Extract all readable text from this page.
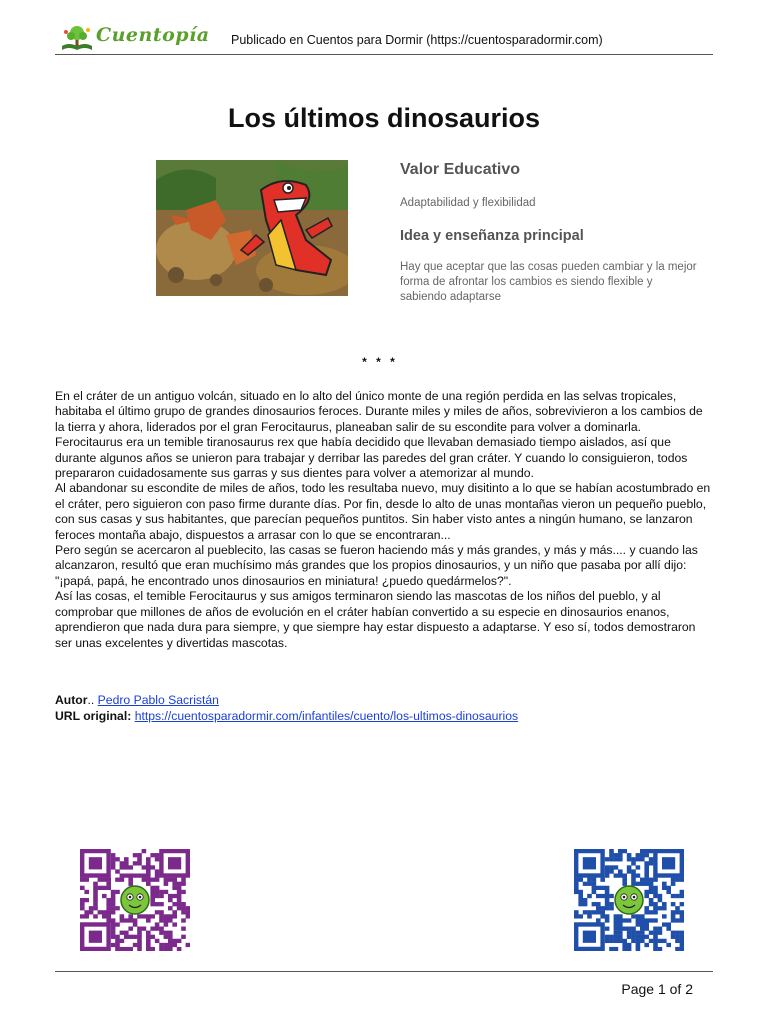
Cuentopía Publicado en Cuentos para Dormir (https://cuentosparadormir.com)
Los últimos dinosaurios
Valor Educativo
Adaptabilidad y flexibilidad
Idea y enseñanza principal
Hay que aceptar que las cosas pueden cambiar y la mejor forma de afrontar los cambios es siendo flexible y sabiendo adaptarse
* * *

En el cráter de un antiguo volcán, situado en lo alto del único monte de una región perdida en las selvas tropicales, habitaba el último grupo de grandes dinosaurios feroces. Durante miles y miles de años, sobrevivieron a los cambios de la tierra y ahora, liderados por el gran Ferocitaurus, planeaban salir de su escondite para volver a dominarla.

Ferocitaurus era un temible tiranosaurus rex que había decidido que llevaban demasiado tiempo aislados, así que durante algunos años se unieron para trabajar y derribar las paredes del gran cráter. Y cuando lo consiguieron, todos prepararon cuidadosamente sus garras y sus dientes para volver a atemorizar al mundo.

Al abandonar su escondite de miles de años, todo les resultaba nuevo, muy disitinto a lo que se habían acostumbrado en el cráter, pero siguieron con paso firme durante días. Por fin, desde lo alto de unas montañas vieron un pequeño pueblo, con sus casas y sus habitantes, que parecían pequeños puntitos. Sin haber visto antes a ningún humano, se lanzaron feroces montaña abajo, dispuestos a arrasar con lo que se encontraran...

Pero según se acercaron al pueblecito, las casas se fueron haciendo más y más grandes, y más y más.... y cuando las alcanzaron, resultó que eran muchísimo más grandes que los propios dinosaurios, y un niño que pasaba por allí dijo: "¡papá, papá, he encontrado unos dinosaurios en miniatura! ¿puedo quedármelos?".

Así las cosas, el temible Ferocitaurus y sus amigos terminaron siendo las mascotas de los niños del pueblo, y al comprobar que millones de años de evolución en el cráter habían convertido a su especie en dinosaurios enanos, aprendieron que nada dura para siempre, y que siempre hay estar dispuesto a adaptarse. Y eso sí, todos demostraron ser unas excelentes y divertidas mascotas.

Autor.. Pedro Pablo Sacristán
URL original: https://cuentosparadormir.com/infantiles/cuento/los-ultimos-dinosaurios
Page 1 of 2
